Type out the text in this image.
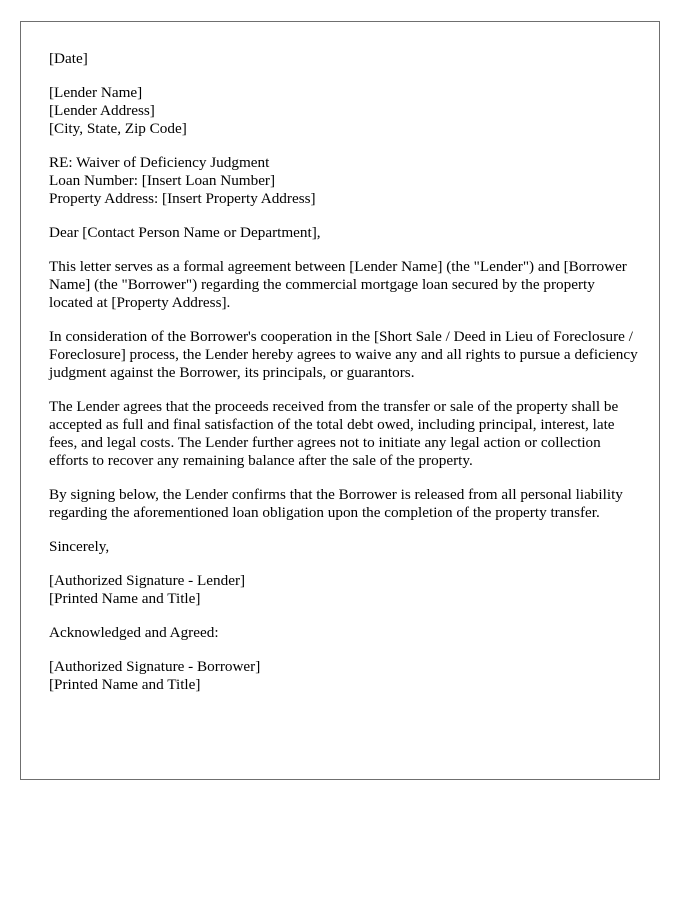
[Date]
[Lender Name]
[Lender Address]
[City, State, Zip Code]
RE: Waiver of Deficiency Judgment
Loan Number: [Insert Loan Number]
Property Address: [Insert Property Address]
Dear [Contact Person Name or Department],
This letter serves as a formal agreement between [Lender Name] (the "Lender") and [Borrower Name] (the "Borrower") regarding the commercial mortgage loan secured by the property located at [Property Address].
In consideration of the Borrower's cooperation in the [Short Sale / Deed in Lieu of Foreclosure / Foreclosure] process, the Lender hereby agrees to waive any and all rights to pursue a deficiency judgment against the Borrower, its principals, or guarantors.
The Lender agrees that the proceeds received from the transfer or sale of the property shall be accepted as full and final satisfaction of the total debt owed, including principal, interest, late fees, and legal costs. The Lender further agrees not to initiate any legal action or collection efforts to recover any remaining balance after the sale of the property.
By signing below, the Lender confirms that the Borrower is released from all personal liability regarding the aforementioned loan obligation upon the completion of the property transfer.
Sincerely,
[Authorized Signature - Lender]
[Printed Name and Title]
Acknowledged and Agreed:
[Authorized Signature - Borrower]
[Printed Name and Title]
